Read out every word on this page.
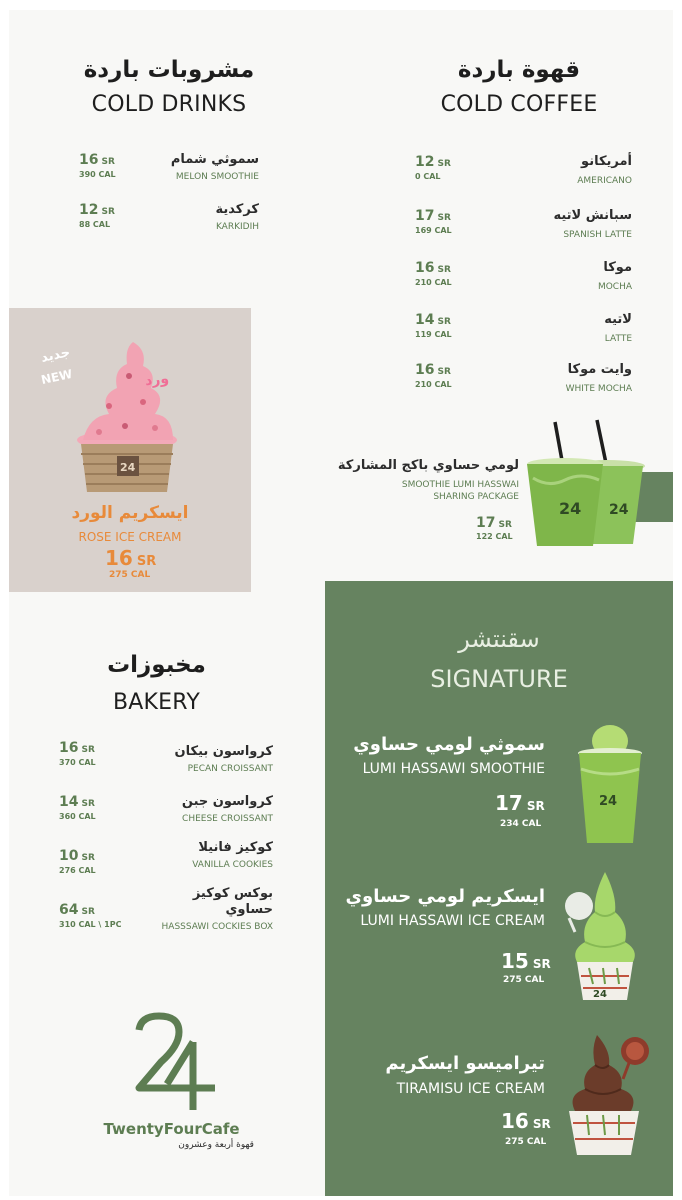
مشروبات باردة
COLD DRINKS
16 SR
390 CAL
سموثي شمام
MELON SMOOTHIE
12 SR
88 CAL
كركدية
KARKIDIH
قهوة باردة
COLD COFFEE
12 SR
0 CAL
أمريكانو
AMERICANO
17 SR
169 CAL
سبانش لاتيه
SPANISH LATTE
16 SR
210 CAL
موكا
MOCHA
14 SR
119 CAL
لاتيه
LATTE
16 SR
210 CAL
وايت موكا
WHITE MOCHA
لومي حساوي باكج المشاركة
SMOOTHIE LUMI HASSWAI
SHARING PACKAGE
17 SR
122 CAL
24 24
جديد
NEW
24
ورد
ايسكريم الورد
ROSE ICE CREAM
16 SR
275 CAL
مخبوزات
BAKERY
16 SR
370 CAL
كرواسون بيكان
PECAN CROISSANT
14 SR
360 CAL
كرواسون جبن
CHEESE CROISSANT
10 SR
276 CAL
كوكيز فانيلا
VANILLA COOKIES
64 SR
310 CAL \ 1PC
بوكس كوكيز
حساوي
HASSSAWI COCKIES BOX
TwentyFourCafe
قهوة أربعة وعشرون
سقنتشر
SIGNATURE
سموثي لومي حساوي
LUMI HASSAWI SMOOTHIE
17 SR
234 CAL
24
ايسكريم لومي حساوي
LUMI HASSAWI ICE CREAM
15 SR
275 CAL
24
تيراميسو ايسكريم
TIRAMISU ICE CREAM
16 SR
275 CAL
